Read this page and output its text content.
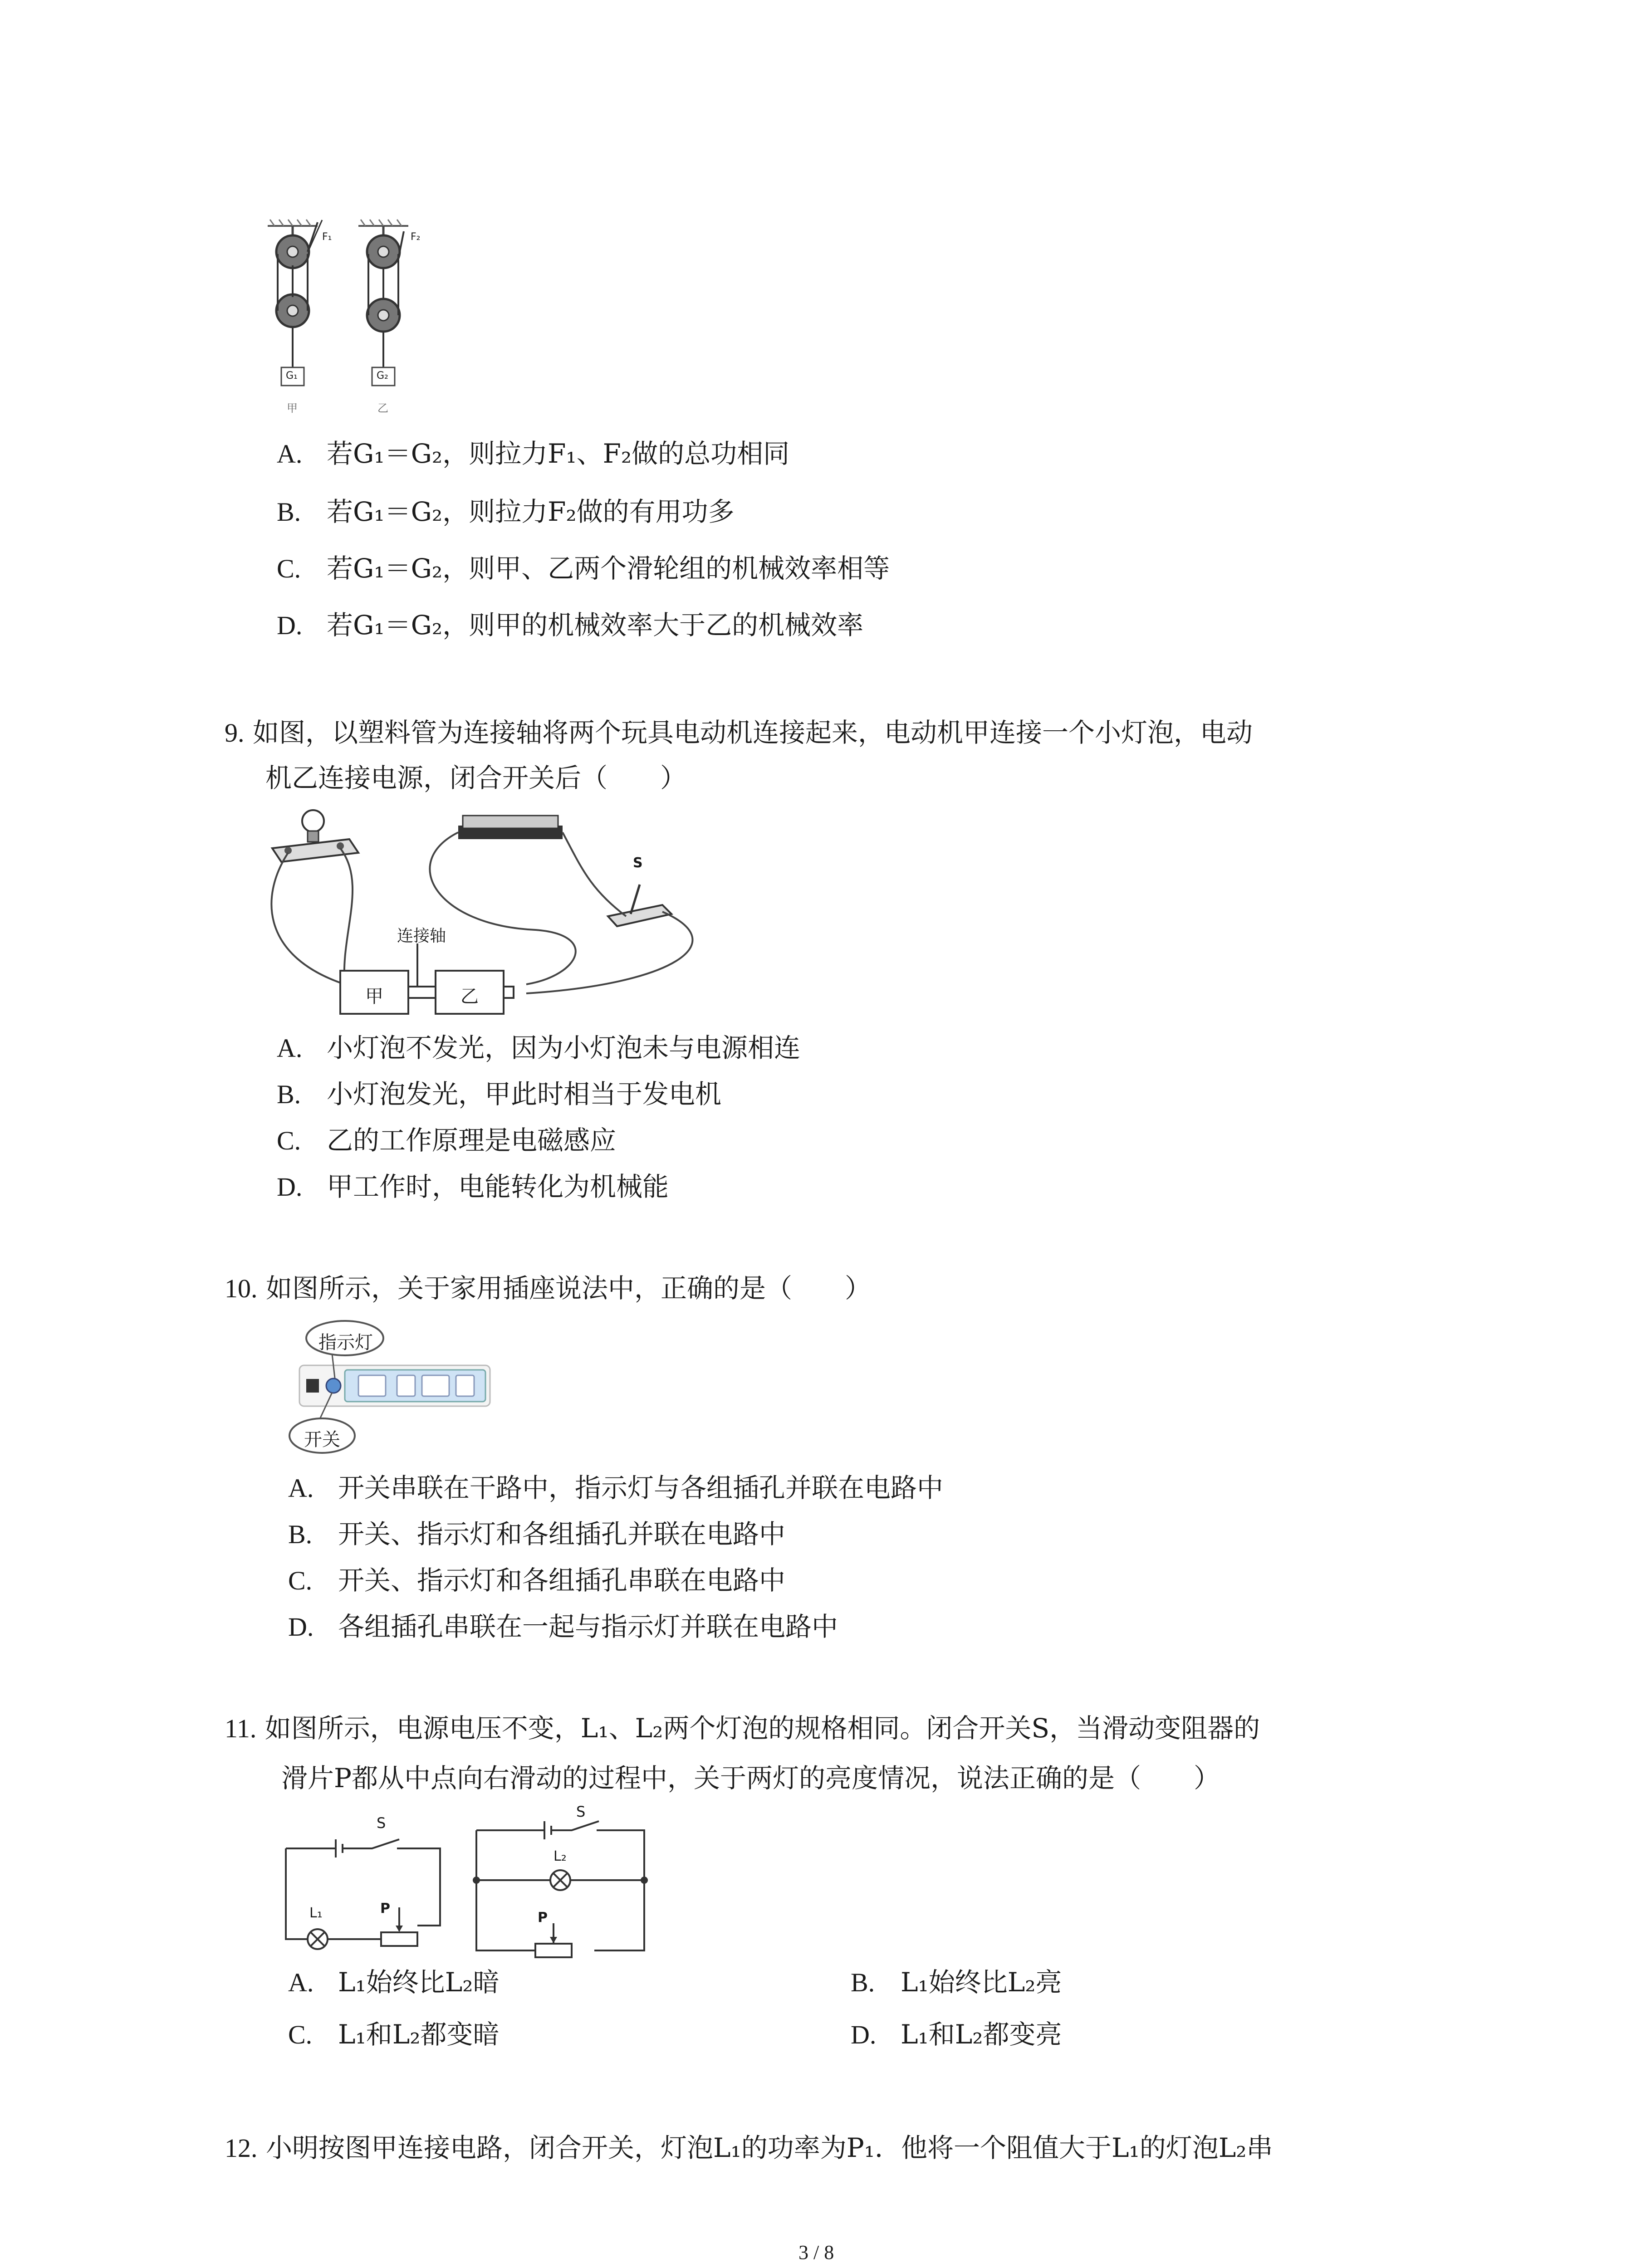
F₁	F₂
G₁	G₂
甲	乙
A. 若G₁＝G₂，则拉力F₁、F₂做的总功相同
B. 若G₁＝G₂，则拉力F₂做的有用功多
C. 若G₁＝G₂，则甲、乙两个滑轮组的机械效率相等
D. 若G₁＝G₂，则甲的机械效率大于乙的机械效率
9. 如图，以塑料管为连接轴将两个玩具电动机连接起来，电动机甲连接一个小灯泡，电动
机乙连接电源，闭合开关后（　　）
连接轴
甲	乙
S
A. 小灯泡不发光，因为小灯泡未与电源相连
B. 小灯泡发光，甲此时相当于发电机
C. 乙的工作原理是电磁感应
D. 甲工作时，电能转化为机械能
10. 如图所示，关于家用插座说法中，正确的是（　　）
指示灯
开关
A. 开关串联在干路中，指示灯与各组插孔并联在电路中
B. 开关、指示灯和各组插孔并联在电路中
C. 开关、指示灯和各组插孔串联在电路中
D. 各组插孔串联在一起与指示灯并联在电路中
11. 如图所示，电源电压不变，L₁、L₂两个灯泡的规格相同。闭合开关S，当滑动变阻器的
滑片P都从中点向右滑动的过程中，关于两灯的亮度情况，说法正确的是（　　）
S
S
L₁
L₂
P
P
A. L₁始终比L₂暗	B. L₁始终比L₂亮
C. L₁和L₂都变暗	D. L₁和L₂都变亮
12. 小明按图甲连接电路，闭合开关，灯泡L₁的功率为P₁．他将一个阻值大于L₁的灯泡L₂串
3 / 8
